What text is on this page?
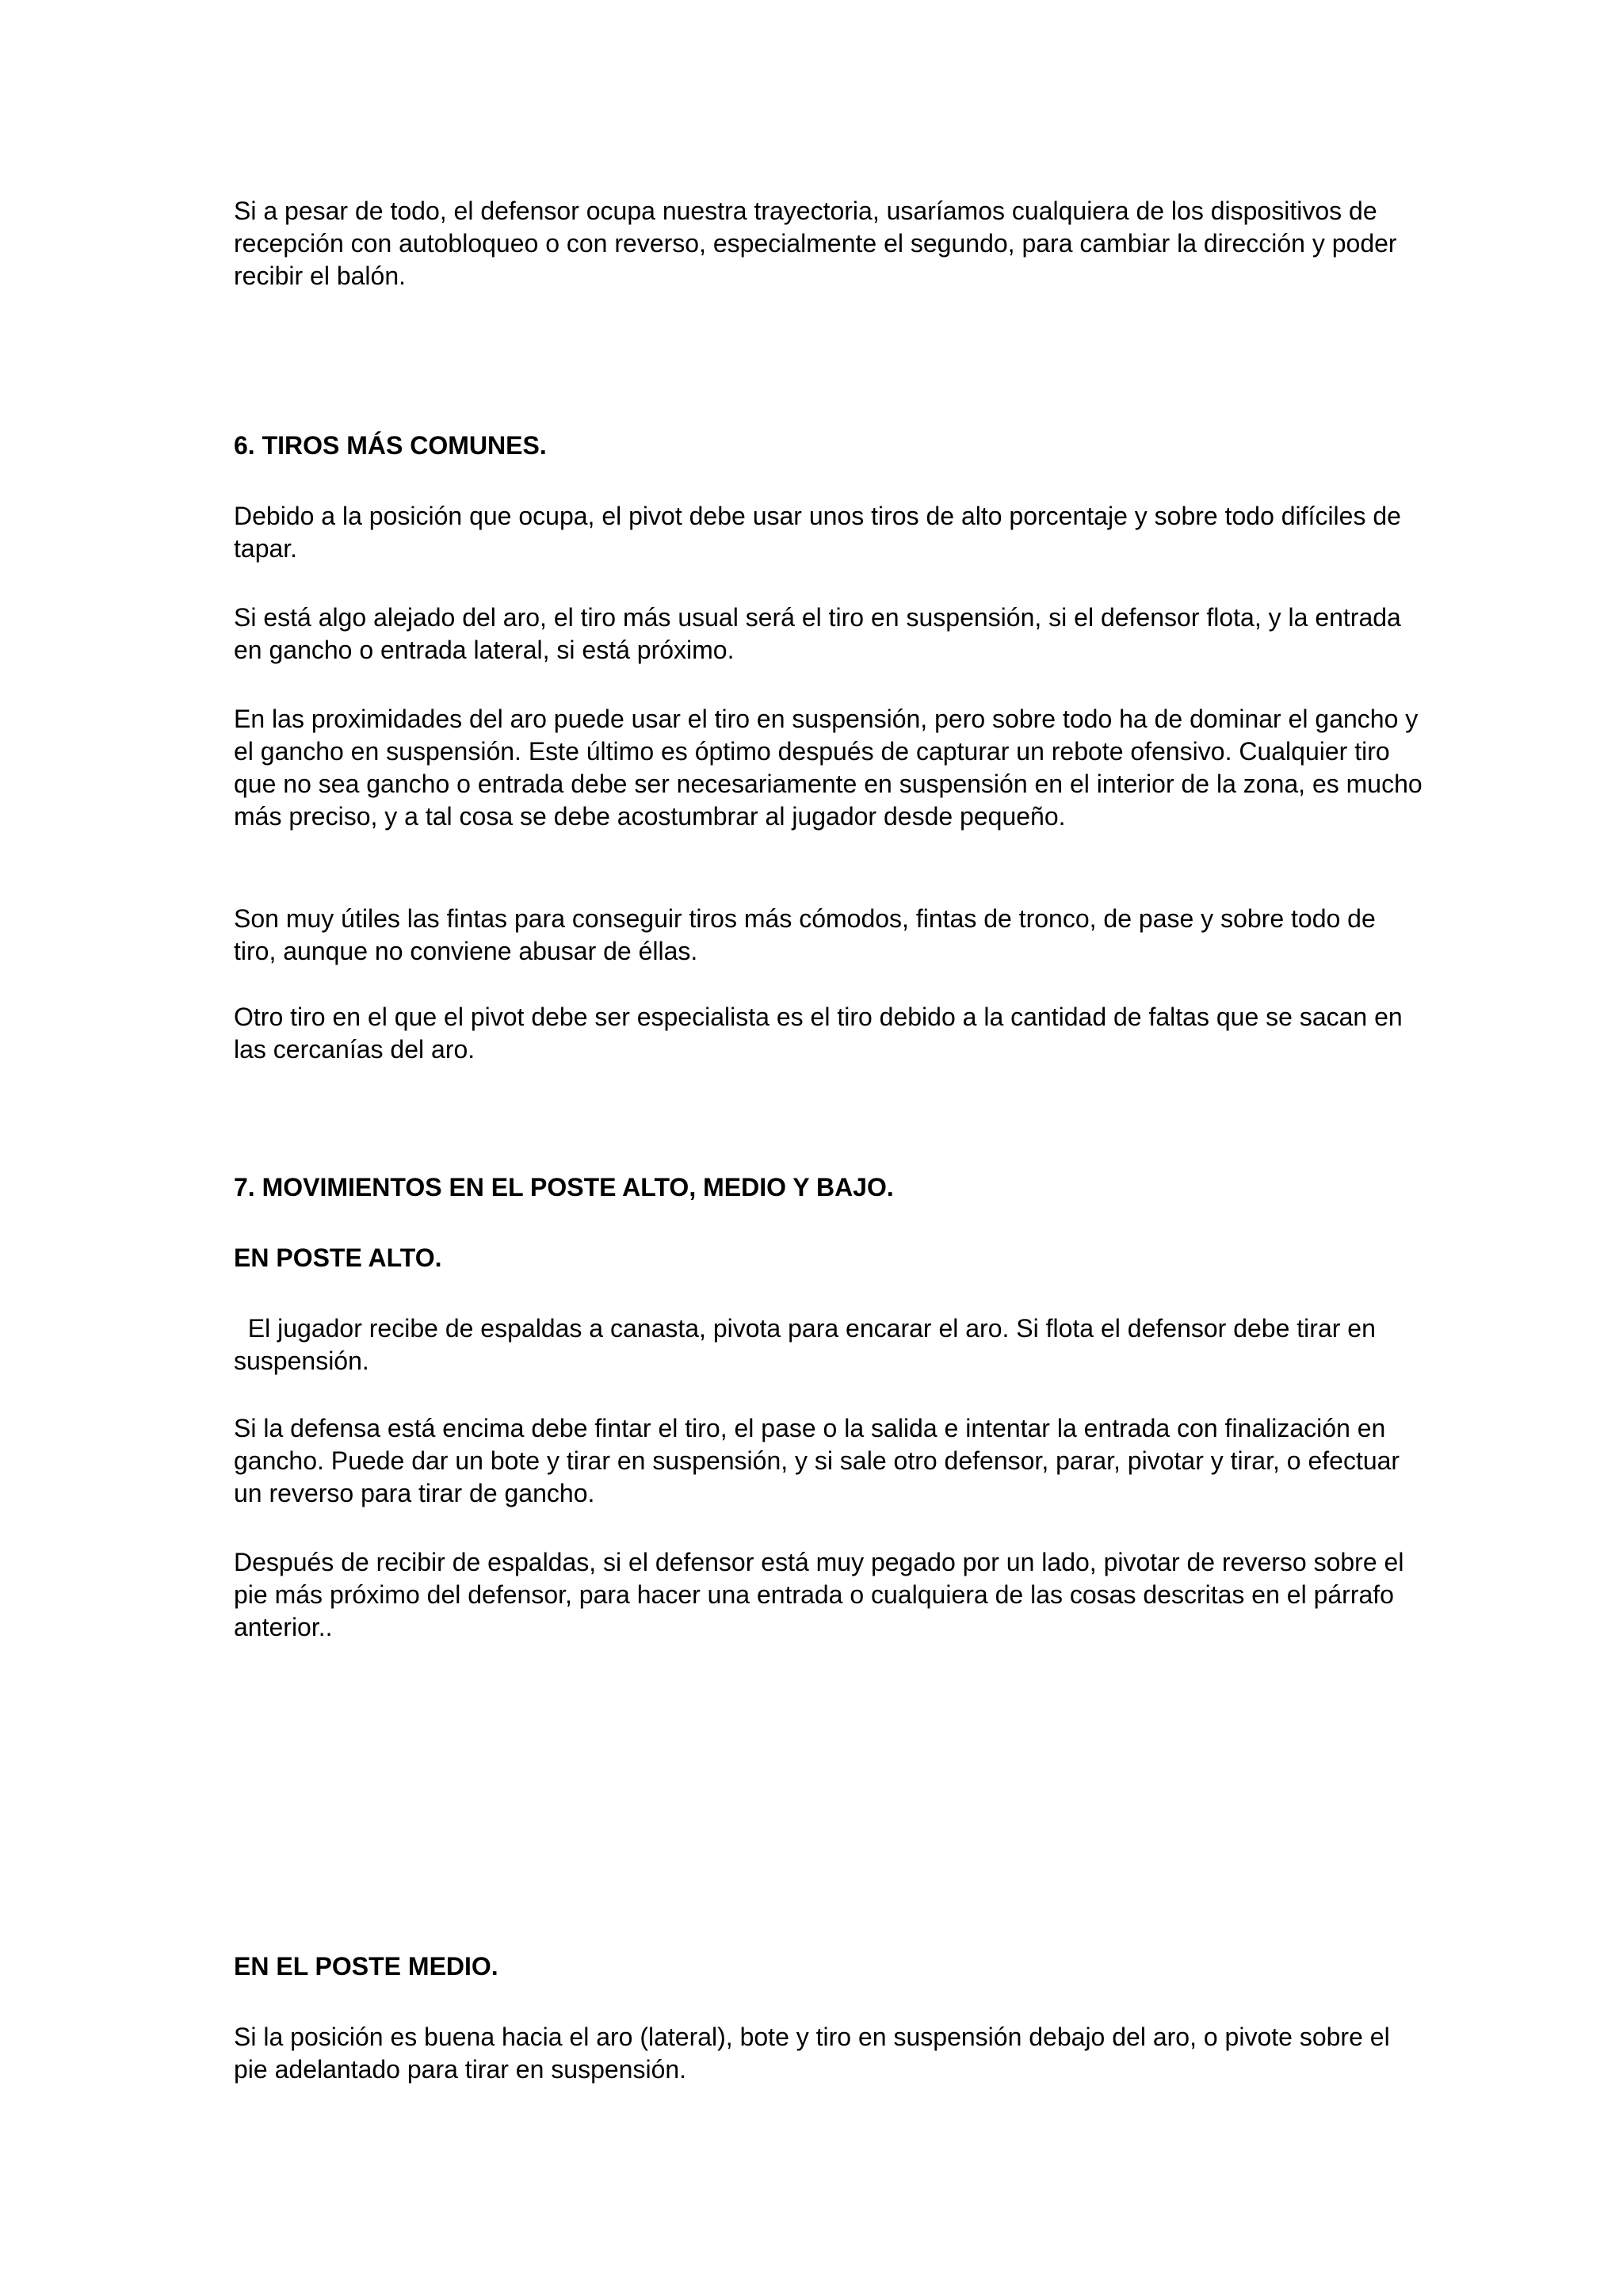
Si a pesar de todo, el defensor ocupa nuestra trayectoria, usaríamos cualquiera de los dispositivos de recepción con autobloqueo o con reverso, especialmente el segundo, para cambiar la dirección y poder recibir el balón.

6. TIROS MÁS COMUNES.

Debido a la posición que ocupa, el pivot debe usar unos tiros de alto porcentaje y sobre todo difíciles de tapar.

Si está algo alejado del aro, el tiro más usual será el tiro en suspensión, si el defensor flota, y la entrada en gancho o entrada lateral, si está próximo.

En las proximidades del aro puede usar el tiro en suspensión, pero sobre todo ha de dominar el gancho y el gancho en suspensión. Este último es óptimo después de capturar un rebote ofensivo. Cualquier tiro que no sea gancho o entrada debe ser necesariamente en suspensión en el interior de la zona, es mucho más preciso, y a tal cosa se debe acostumbrar al jugador desde pequeño.

Son muy útiles las fintas para conseguir tiros más cómodos, fintas de tronco, de pase y sobre todo de tiro, aunque no conviene abusar de éllas.

Otro tiro en el que el pivot debe ser especialista es el tiro debido a la cantidad de faltas que se sacan en las cercanías del aro.

7. MOVIMIENTOS EN EL POSTE ALTO, MEDIO Y BAJO.

EN POSTE ALTO.

El jugador recibe de espaldas a canasta, pivota para encarar el aro. Si flota el defensor debe tirar en suspensión.

Si la defensa está encima debe fintar el tiro, el pase o la salida e intentar la entrada con finalización en gancho. Puede dar un bote y tirar en suspensión, y si sale otro defensor, parar, pivotar y tirar, o efectuar un reverso para tirar de gancho.

Después de recibir de espaldas, si el defensor está muy pegado por un lado, pivotar de reverso sobre el pie más próximo del defensor, para hacer una entrada o cualquiera de las cosas descritas en el párrafo anterior..

EN EL POSTE MEDIO.

Si la posición es buena hacia el aro (lateral), bote y tiro en suspensión debajo del aro, o pivote sobre el pie adelantado para tirar en suspensión.
